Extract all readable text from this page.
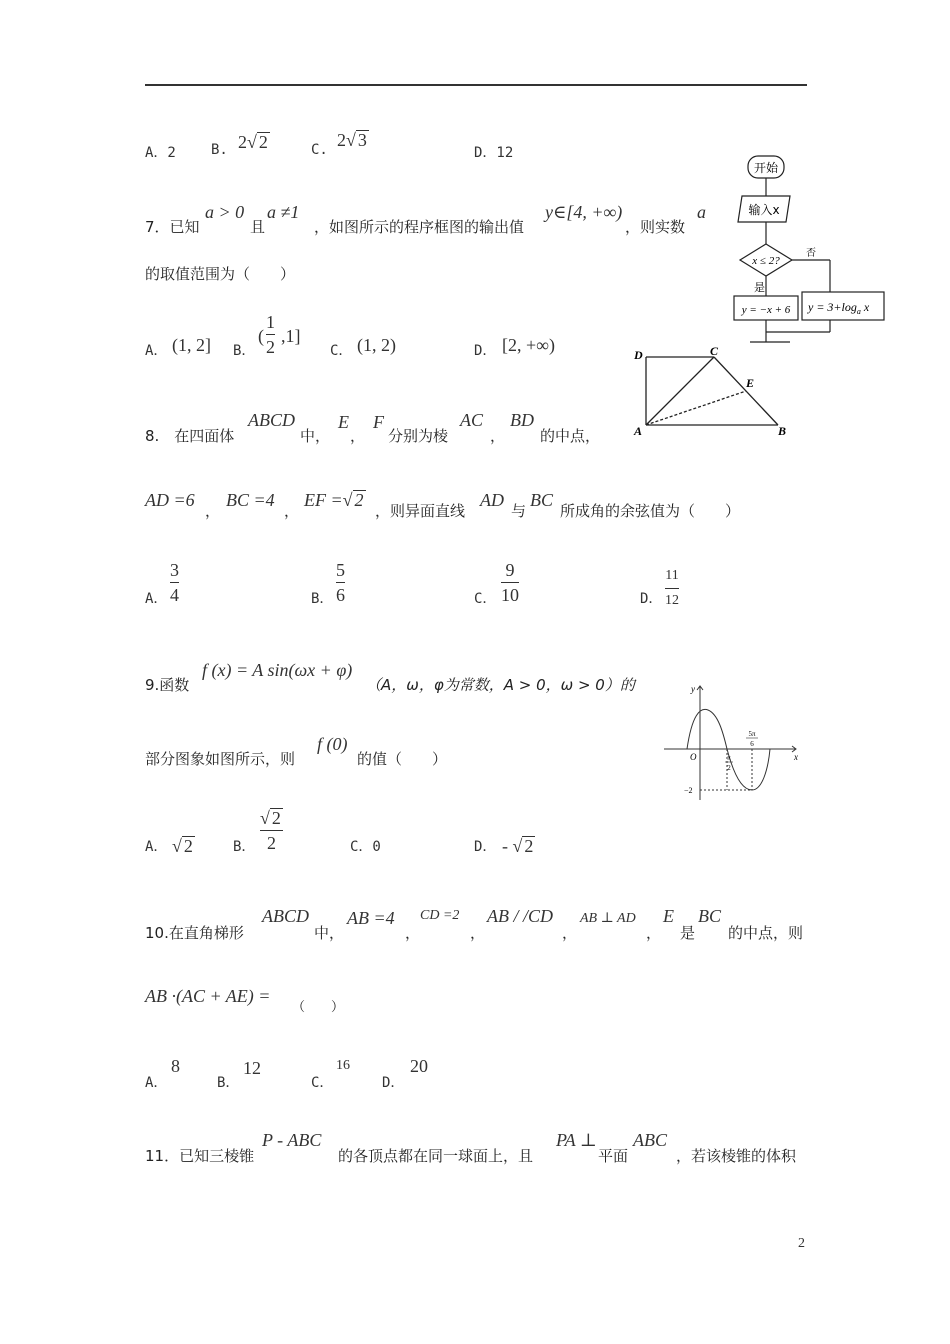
A．2	B. 2√ 2	C. 2√ 3
D．12
7．已知
a > 0
且
a ≠1
，如图所示的程序框图的输出值
y∈[4, +∞)
，则实数
a
的取值范围为（　　）
A． (1, 2] B．
(
1
2
,1]
C． (1, 2)	D． [2, +∞)
开始
输入x
x ≤ 2?
否
是
y = −x + 6 $y = 3+\log_a$ x
D	C
E
A	B
8.　在四面体
ABCD
中，
E
，
F
分别为棱
AC
，
BD
的中点，
AD =6
，
BC =4
，
EF =√ 2
，则异面直线
AD
与
BC
所成角的余弦值为（　　）
A．
3
4	B．
5
6	C．
9
10	D．
11
12
9.函数
f (x) = A sin(ωx + φ)
（A，ω，φ为常数，A > 0，ω > 0）的
部分图象如图所示，则
f (0)
的值（　　）
A． √ 2	B．
√ 2
2	C．0	D． - √ 2
y
x
O	π
2
5π
6
−2
10.在直角梯形
ABCD
中，
AB =4
，
CD =2
，
AB / /CD
，
AB ⊥ AD
，
E
是
BC
的中点，则
AB ·(AC + AE) =
（　　）
A．
8
B．
12
C．
16
D．
20
11．已知三棱锥
P - ABC
的各顶点都在同一球面上，且
PA ⊥
平面
ABC
，若该棱锥的体积
2
